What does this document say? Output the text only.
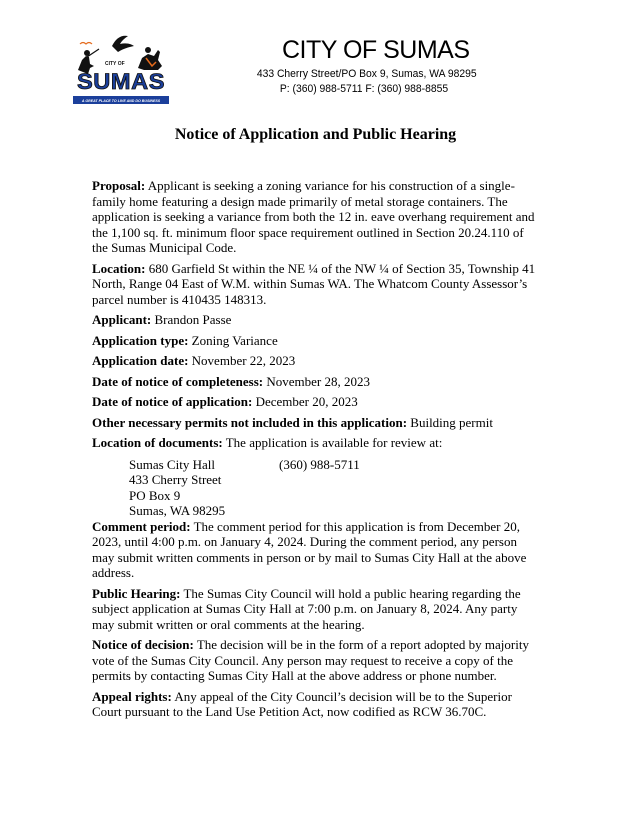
CITY OF
SUMAS
A GREAT PLACE TO LIVE AND DO BUSINESS
CITY OF SUMAS
433 Cherry Street/PO Box 9, Sumas, WA 98295
P: (360) 988-5711 F: (360) 988-8855
Notice of Application and Public Hearing

Proposal: Applicant is seeking a zoning variance for his construction of a single-family home featuring a design made primarily of metal storage containers. The application is seeking a variance from both the 12 in. eave overhang requirement and the 1,100 sq. ft. minimum floor space requirement outlined in Section 20.24.110 of the Sumas Municipal Code.

Location: 680 Garfield St within the NE ¼ of the NW ¼ of Section 35, Township 41 North, Range 04 East of W.M. within Sumas WA. The Whatcom County Assessor’s parcel number is 410435 148313.

Applicant: Brandon Passe

Application type: Zoning Variance

Application date: November 22, 2023

Date of notice of completeness: November 28, 2023

Date of notice of application: December 20, 2023

Other necessary permits not included in this application: Building permit

Location of documents: The application is available for review at:

Sumas City Hall
433 Cherry Street
PO Box 9
Sumas, WA 98295
(360) 988-5711

Comment period: The comment period for this application is from December 20, 2023, until 4:00 p.m. on January 4, 2024. During the comment period, any person may submit written comments in person or by mail to Sumas City Hall at the above address.

Public Hearing: The Sumas City Council will hold a public hearing regarding the subject application at Sumas City Hall at 7:00 p.m. on January 8, 2024. Any party may submit written or oral comments at the hearing.

Notice of decision: The decision will be in the form of a report adopted by majority vote of the Sumas City Council. Any person may request to receive a copy of the permits by contacting Sumas City Hall at the above address or phone number.

Appeal rights: Any appeal of the City Council’s decision will be to the Superior Court pursuant to the Land Use Petition Act, now codified as RCW 36.70C.
